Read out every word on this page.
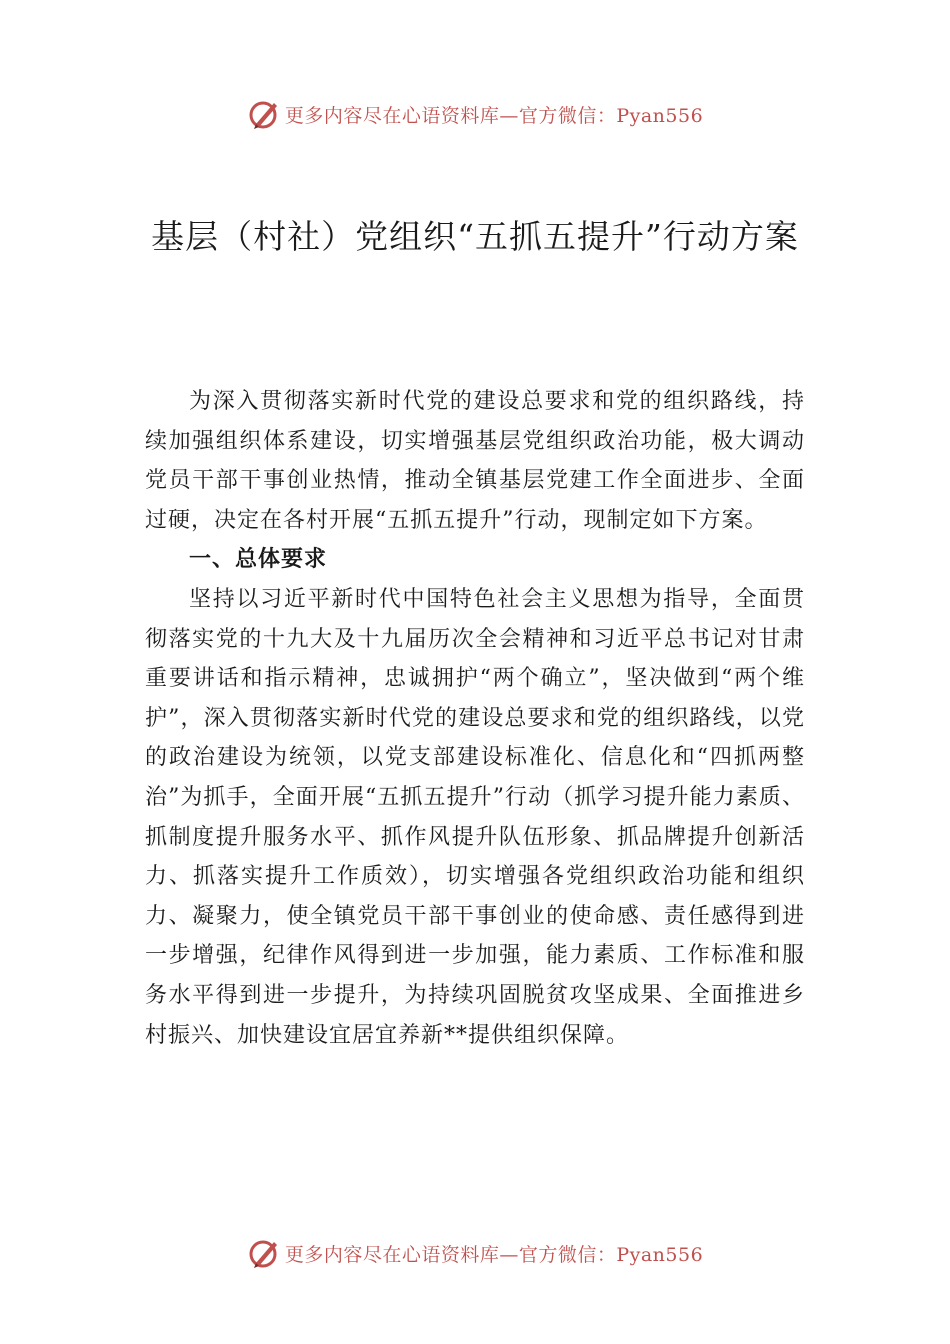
更多内容尽在心语资料库—官方微信：Pyan556
基层（村社）党组织“五抓五提升”行动方案

为深入贯彻落实新时代党的建设总要求和党的组织路线，持续加强组织体系建设，切实增强基层党组织政治功能，极大调动党员干部干事创业热情，推动全镇基层党建工作全面进步、全面过硬，决定在各村开展“五抓五提升”行动，现制定如下方案。

一、总体要求

坚持以习近平新时代中国特色社会主义思想为指导，全面贯彻落实党的十九大及十九届历次全会精神和习近平总书记对甘肃重要讲话和指示精神，忠诚拥护“两个确立”，坚决做到“两个维护”，深入贯彻落实新时代党的建设总要求和党的组织路线，以党的政治建设为统领，以党支部建设标准化、信息化和“四抓两整治”为抓手，全面开展“五抓五提升”行动（抓学习提升能力素质、抓制度提升服务水平、抓作风提升队伍形象、抓品牌提升创新活力、抓落实提升工作质效），切实增强各党组织政治功能和组织力、凝聚力，使全镇党员干部干事创业的使命感、责任感得到进一步增强，纪律作风得到进一步加强，能力素质、工作标准和服务水平得到进一步提升，为持续巩固脱贫攻坚成果、全面推进乡村振兴、加快建设宜居宜养新**提供组织保障。

更多内容尽在心语资料库—官方微信：Pyan556
